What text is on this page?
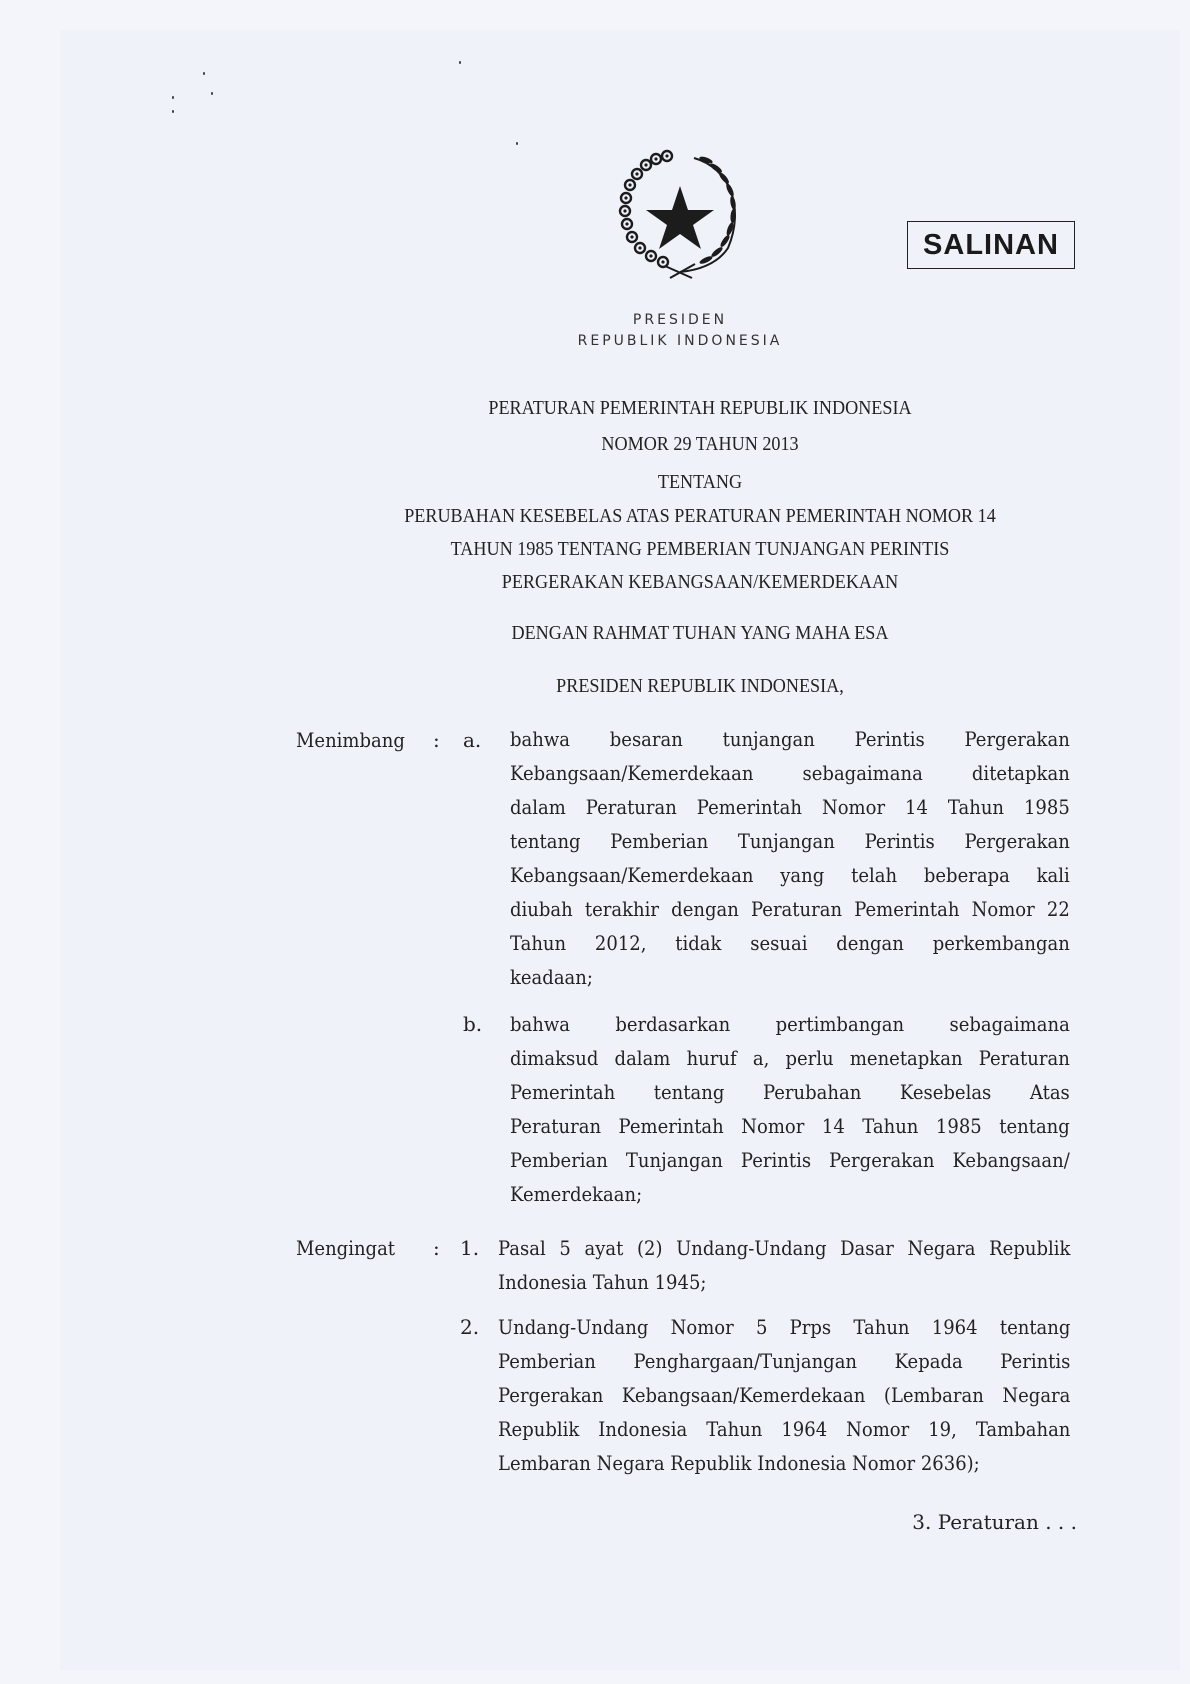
SALINAN
PRESIDEN
REPUBLIK INDONESIA
PERATURAN PEMERINTAH REPUBLIK INDONESIA
NOMOR 29 TAHUN 2013
TENTANG
PERUBAHAN KESEBELAS ATAS PERATURAN PEMERINTAH NOMOR 14
TAHUN 1985 TENTANG PEMBERIAN TUNJANGAN PERINTIS
PERGERAKAN KEBANGSAAN/KEMERDEKAAN
DENGAN RAHMAT TUHAN YANG MAHA ESA
PRESIDEN REPUBLIK INDONESIA,
Menimbang : a. bahwa besaran tunjangan Perintis Pergerakan
Kebangsaan/Kemerdekaan sebagaimana ditetapkan
dalam Peraturan Pemerintah Nomor 14 Tahun 1985
tentang Pemberian Tunjangan Perintis Pergerakan
Kebangsaan/Kemerdekaan yang telah beberapa kali
diubah terakhir dengan Peraturan Pemerintah Nomor 22
Tahun 2012, tidak sesuai dengan perkembangan
keadaan;
b. bahwa berdasarkan pertimbangan sebagaimana
dimaksud dalam huruf a, perlu menetapkan Peraturan
Pemerintah tentang Perubahan Kesebelas Atas
Peraturan Pemerintah Nomor 14 Tahun 1985 tentang
Pemberian Tunjangan Perintis Pergerakan Kebangsaan/
Kemerdekaan;
Mengingat : 1. Pasal 5 ayat (2) Undang-Undang Dasar Negara Republik
Indonesia Tahun 1945;
2. Undang-Undang Nomor 5 Prps Tahun 1964 tentang
Pemberian Penghargaan/Tunjangan Kepada Perintis
Pergerakan Kebangsaan/Kemerdekaan (Lembaran Negara
Republik Indonesia Tahun 1964 Nomor 19, Tambahan
Lembaran Negara Republik Indonesia Nomor 2636);
3. Peraturan . . .
